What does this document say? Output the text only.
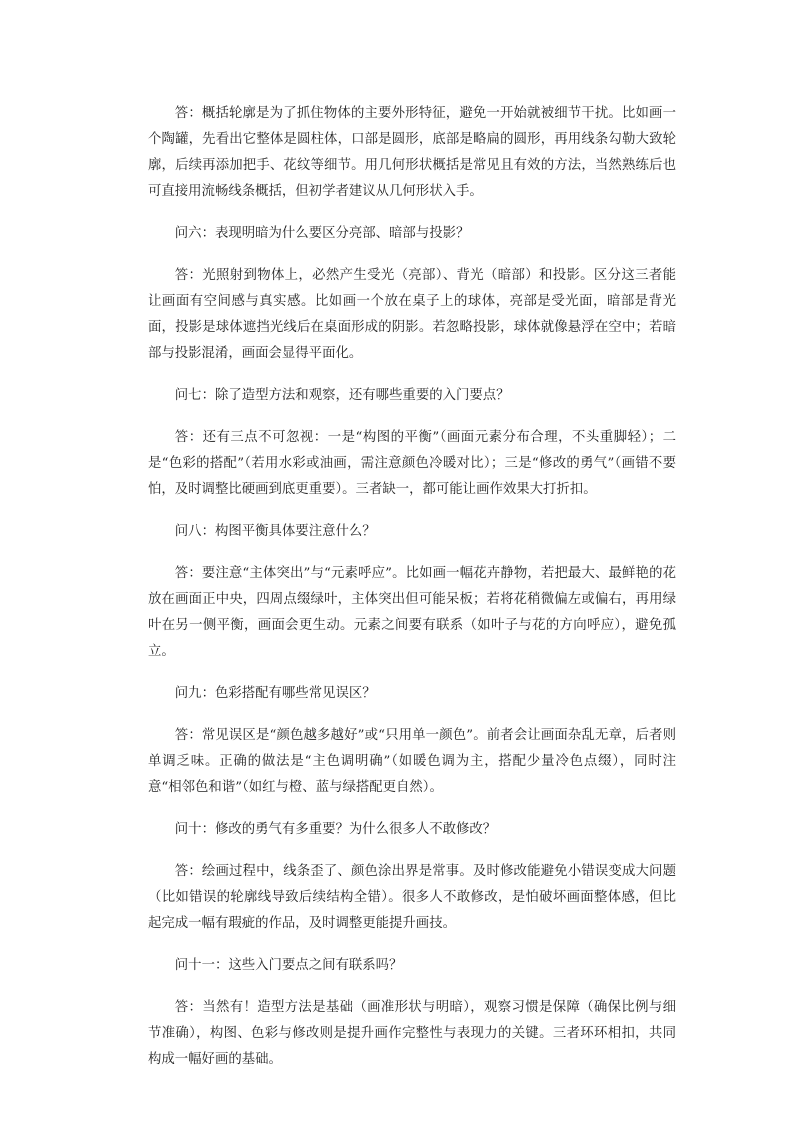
答：概括轮廓是为了抓住物体的主要外形特征，避免一开始就被细节干扰。比如画一个陶罐，先看出它整体是圆柱体，口部是圆形，底部是略扁的圆形，再用线条勾勒大致轮廓，后续再添加把手、花纹等细节。用几何形状概括是常见且有效的方法，当然熟练后也可直接用流畅线条概括，但初学者建议从几何形状入手。

问六：表现明暗为什么要区分亮部、暗部与投影？

答：光照射到物体上，必然产生受光（亮部）、背光（暗部）和投影。区分这三者能让画面有空间感与真实感。比如画一个放在桌子上的球体，亮部是受光面，暗部是背光面，投影是球体遮挡光线后在桌面形成的阴影。若忽略投影，球体就像悬浮在空中；若暗部与投影混淆，画面会显得平面化。

问七：除了造型方法和观察，还有哪些重要的入门要点？

答：还有三点不可忽视：一是“构图的平衡”（画面元素分布合理，不头重脚轻）；二是“色彩的搭配”（若用水彩或油画，需注意颜色冷暖对比）；三是“修改的勇气”（画错不要怕，及时调整比硬画到底更重要）。三者缺一，都可能让画作效果大打折扣。

问八：构图平衡具体要注意什么？

答：要注意“主体突出”与“元素呼应”。比如画一幅花卉静物，若把最大、最鲜艳的花放在画面正中央，四周点缀绿叶，主体突出但可能呆板；若将花稍微偏左或偏右，再用绿叶在另一侧平衡，画面会更生动。元素之间要有联系（如叶子与花的方向呼应），避免孤立。

问九：色彩搭配有哪些常见误区？

答：常见误区是“颜色越多越好”或“只用单一颜色”。前者会让画面杂乱无章，后者则单调乏味。正确的做法是“主色调明确”（如暖色调为主，搭配少量冷色点缀），同时注意“相邻色和谐”（如红与橙、蓝与绿搭配更自然）。

问十：修改的勇气有多重要？为什么很多人不敢修改？

答：绘画过程中，线条歪了、颜色涂出界是常事。及时修改能避免小错误变成大问题（比如错误的轮廓线导致后续结构全错）。很多人不敢修改，是怕破坏画面整体感，但比起完成一幅有瑕疵的作品，及时调整更能提升画技。

问十一：这些入门要点之间有联系吗？

答：当然有！造型方法是基础（画准形状与明暗），观察习惯是保障（确保比例与细节准确），构图、色彩与修改则是提升画作完整性与表现力的关键。三者环环相扣，共同构成一幅好画的基础。
